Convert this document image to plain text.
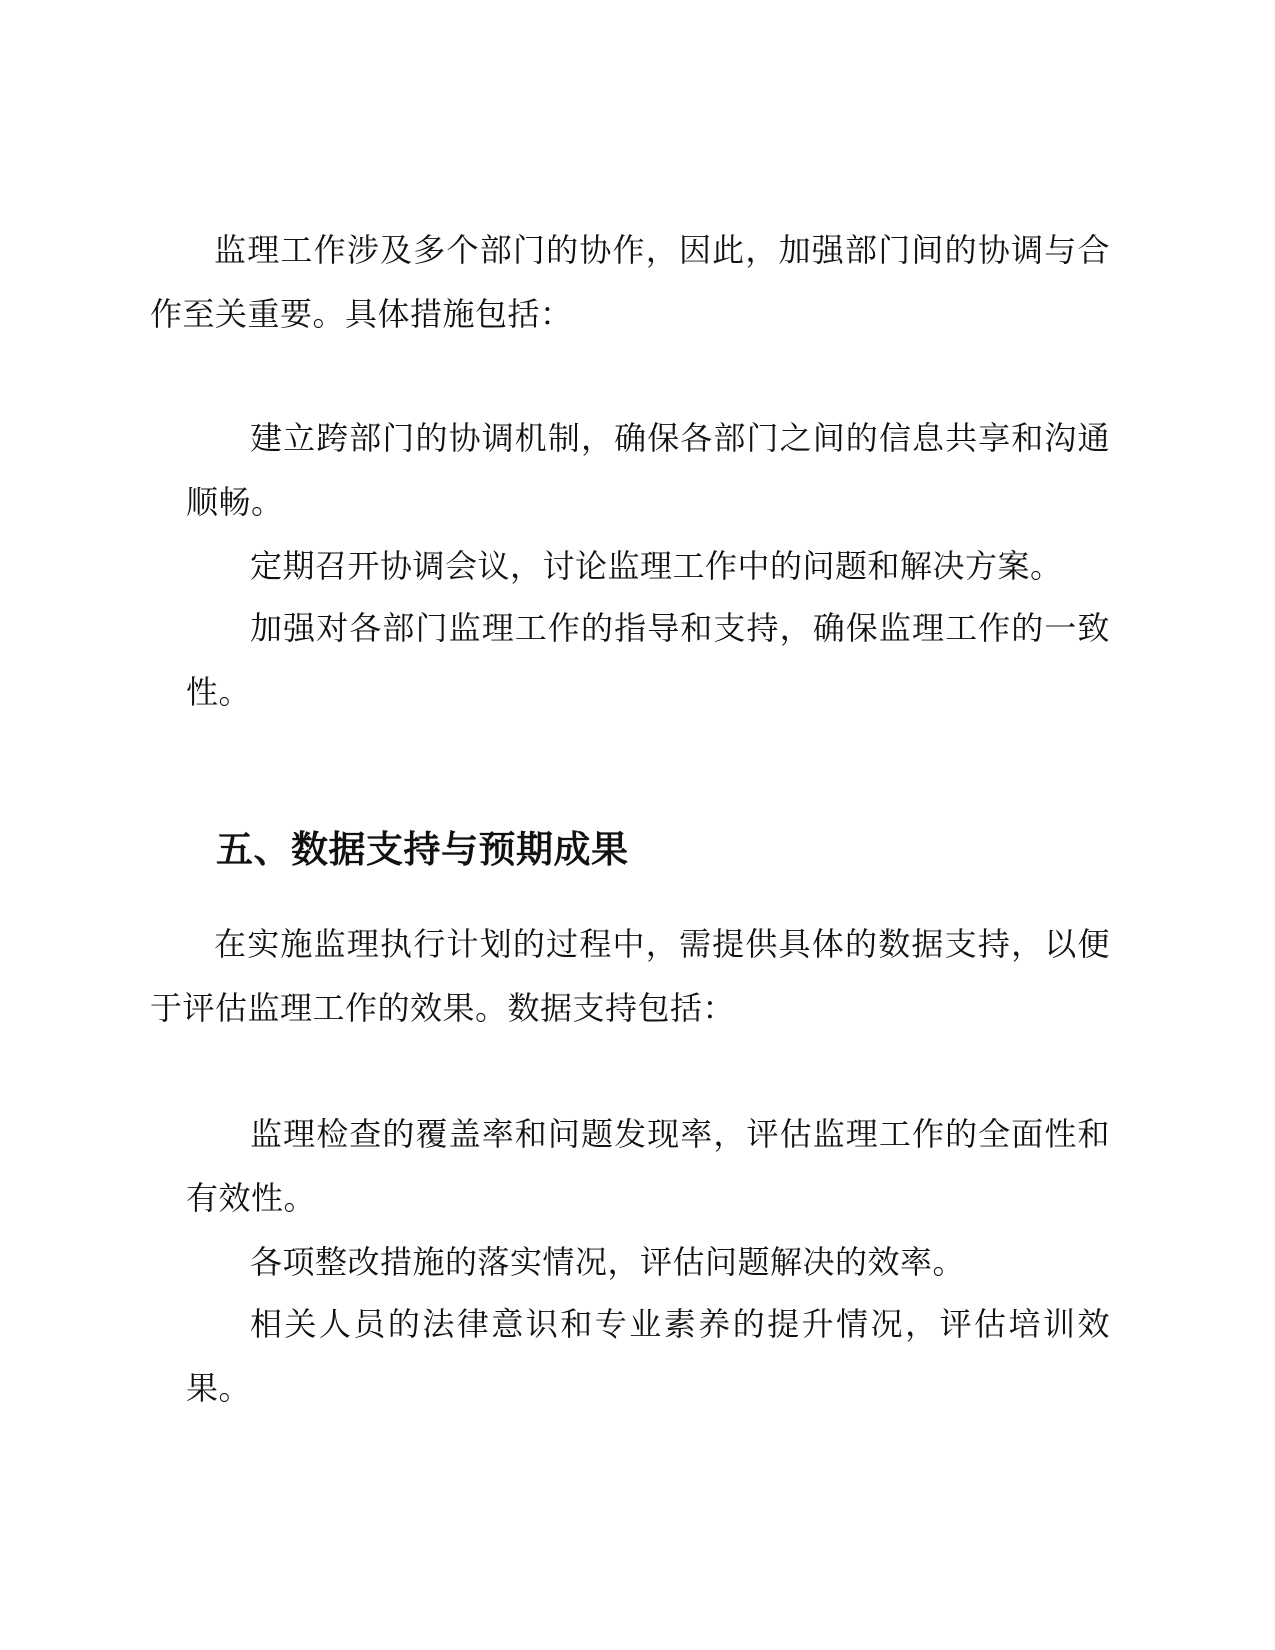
监理工作涉及多个部门的协作，因此，加强部门间的协调与合作至关重要。具体措施包括：

建立跨部门的协调机制，确保各部门之间的信息共享和沟通顺畅。

定期召开协调会议，讨论监理工作中的问题和解决方案。

加强对各部门监理工作的指导和支持，确保监理工作的一致性。

五、数据支持与预期成果

在实施监理执行计划的过程中，需提供具体的数据支持，以便于评估监理工作的效果。数据支持包括：

监理检查的覆盖率和问题发现率，评估监理工作的全面性和有效性。

各项整改措施的落实情况，评估问题解决的效率。

相关人员的法律意识和专业素养的提升情况，评估培训效果。
